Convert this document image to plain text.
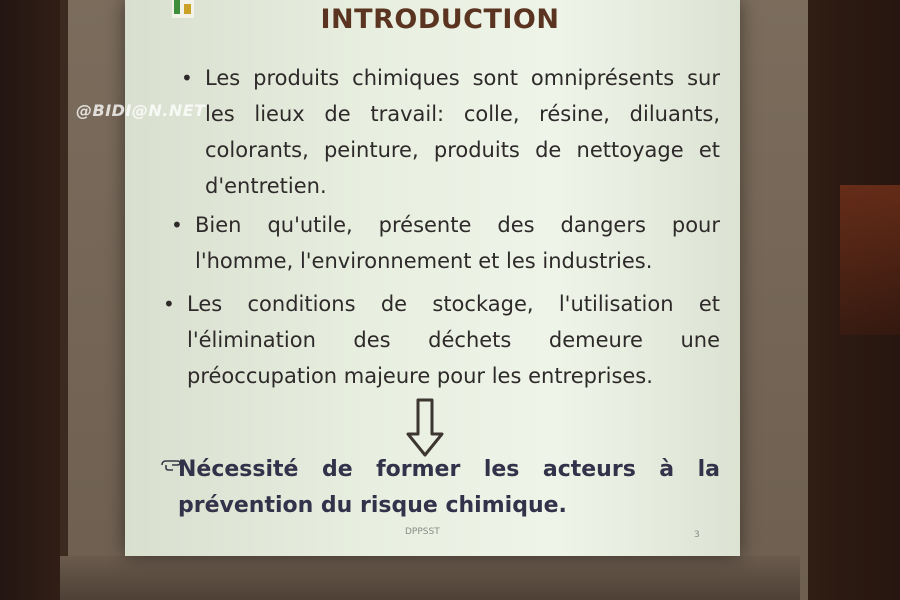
INTRODUCTION
• Les produits chimiques sont omniprésents sur les lieux de travail: colle, résine, diluants, colorants, peinture, produits de nettoyage et d'entretien.
• Bien qu'utile, présente des dangers pour l'homme, l'environnement et les industries.
• Les conditions de stockage, l'utilisation et l'élimination des déchets demeure une préoccupation majeure pour les entreprises.
Nécessité de former les acteurs à la prévention du risque chimique.
DPPSST	3
@BIDI@N.NET
